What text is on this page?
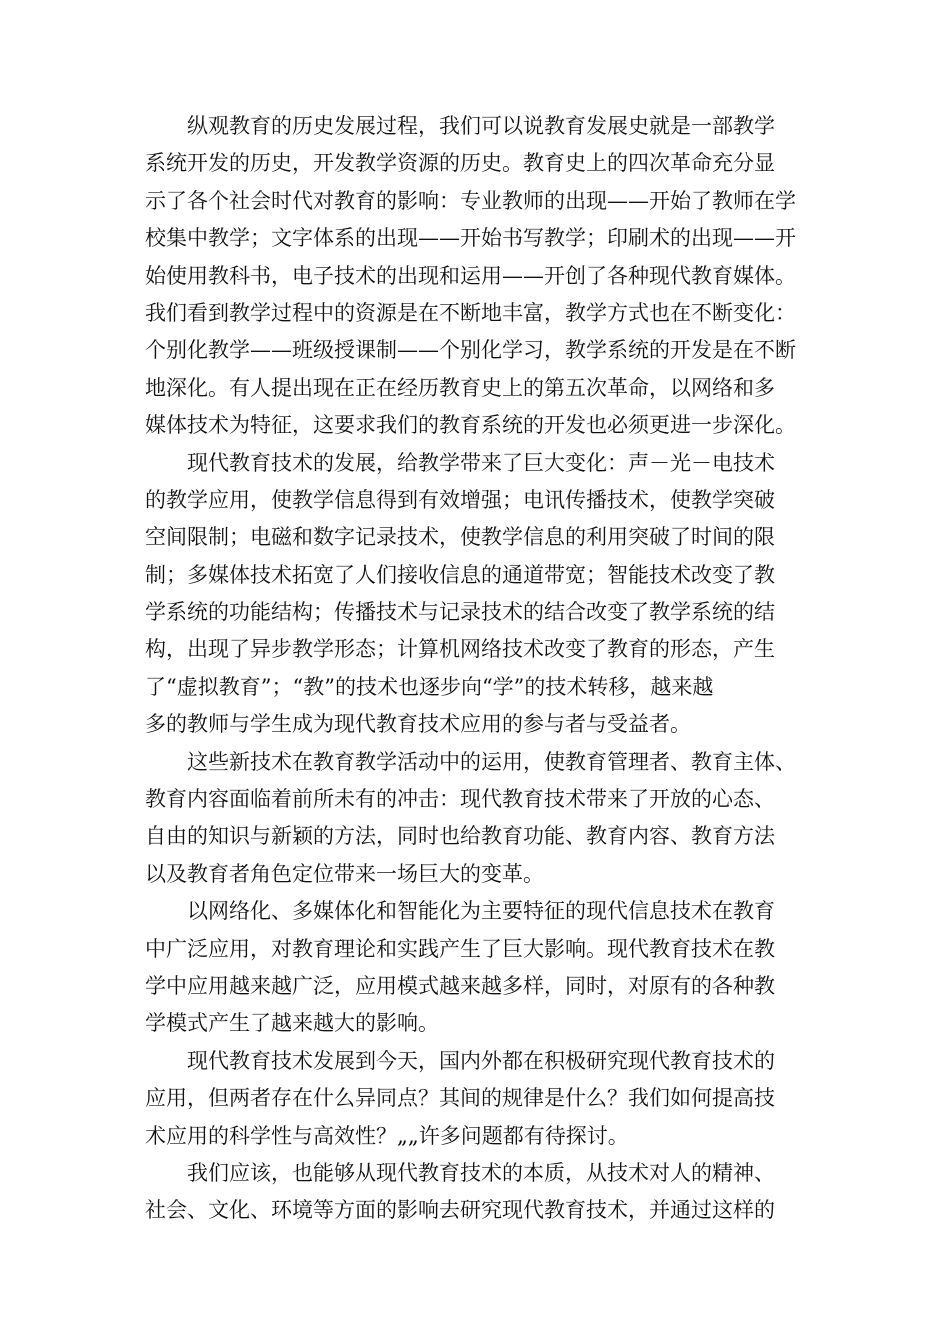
纵观教育的历史发展过程，我们可以说教育发展史就是一部教学
系统开发的历史，开发教学资源的历史。教育史上的四次革命充分显
示了各个社会时代对教育的影响：专业教师的出现——开始了教师在学
校集中教学；文字体系的出现——开始书写教学；印刷术的出现——开
始使用教科书，电子技术的出现和运用——开创了各种现代教育媒体。
我们看到教学过程中的资源是在不断地丰富，教学方式也在不断变化：
个别化教学——班级授课制——个别化学习，教学系统的开发是在不断
地深化。有人提出现在正在经历教育史上的第五次革命，以网络和多
媒体技术为特征，这要求我们的教育系统的开发也必须更进一步深化。
现代教育技术的发展，给教学带来了巨大变化：声－光－电技术
的教学应用，使教学信息得到有效增强；电讯传播技术，使教学突破
空间限制；电磁和数字记录技术，使教学信息的利用突破了时间的限
制；多媒体技术拓宽了人们接收信息的通道带宽；智能技术改变了教
学系统的功能结构；传播技术与记录技术的结合改变了教学系统的结
构，出现了异步教学形态；计算机网络技术改变了教育的形态，产生
了“虚拟教育”；“教”的技术也逐步向“学”的技术转移，越来越
多的教师与学生成为现代教育技术应用的参与者与受益者。
这些新技术在教育教学活动中的运用，使教育管理者、教育主体、
教育内容面临着前所未有的冲击：现代教育技术带来了开放的心态、
自由的知识与新颖的方法，同时也给教育功能、教育内容、教育方法
以及教育者角色定位带来一场巨大的变革。
以网络化、多媒体化和智能化为主要特征的现代信息技术在教育
中广泛应用，对教育理论和实践产生了巨大影响。现代教育技术在教
学中应用越来越广泛，应用模式越来越多样，同时，对原有的各种教
学模式产生了越来越大的影响。
现代教育技术发展到今天，国内外都在积极研究现代教育技术的
应用，但两者存在什么异同点？其间的规律是什么？我们如何提高技
术应用的科学性与高效性？„„许多问题都有待探讨。
我们应该，也能够从现代教育技术的本质，从技术对人的精神、
社会、文化、环境等方面的影响去研究现代教育技术，并通过这样的
